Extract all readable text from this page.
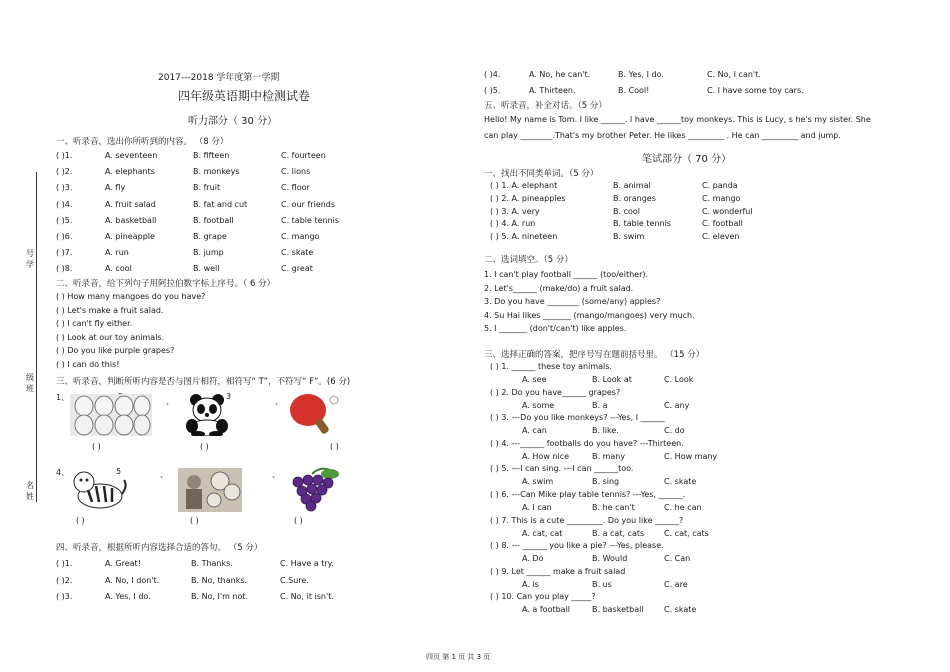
号学
级班
名姓
2017---2018 学年度第一学期
四年级英语期中检测试卷
听力部分（ 30 分）
一、听录音，选出你所听到的内容。 （8 分）
( )1.	A. seventeen	B. fifteen	C. fourteen
( )2.	A. elephants	B. monkeys	C. lions
( )3.	A. fly	B. fruit	C. floor
( )4.	A. fruit salad	B. fat and cut	C. our friends
( )5.	A. basketball	B. football	C. table tennis
( )6.	A. pineapple	B. grape	C. mango
( )7.	A. run	B. jump	C. skate
( )8.	A. cool	B. well	C. great
二、听录音，给下列句子用阿拉伯数字标上序号。（ 6 分）
( ) How many mangoes do you have?
( ) Let's make a fruit salad.
( ) I can't fly either.
( ) Look at our toy animals.
( ) Do you like purple grapes?
( ) I can do this!
三、听录音，判断所听内容是否与图片相符，相符写“ T”，不符写“ F”。(6 分)
1、	、
3
、
( )	( )	( )
4、	5	、	、
( )	( )	( )
四、听录音，根据所听内容选择合适的答句。 （5 分）
( )1.	A. Great!	B. Thanks.	C. Have a try.
( )2.	A. No, I don't.	B. No, thanks.	C.Sure.
( )3.	A. Yes, I do.	B. No, I'm not.	C. No, it isn't.
( )4.	A. No, he can't.	B. Yes, I do.	C. No, I can't.
( )5.	A. Thirteen.	B. Cool!	C. I have some toy cars.
五、听录音，补全对话。（5 分）
Hello! My name is Tom. I like ______. I have ______toy monkeys. This is Lucy, s he's my sister. She
can play ________.That's my brother Peter. He likes _________ . He can _________ and jump.
笔试部分（ 70 分）
一、找出不同类单词。（5 分）
( ) 1. A. elephant	B. animal	C. panda
( ) 2. A. pineapples	B. oranges	C. mango
( ) 3. A. very	B. cool	C. wonderful
( ) 4. A. run	B. table tennis	C. football
( ) 5. A. nineteen	B. swim	C. eleven
二、选词填空。（5 分）
1. I can't play football ______ (too/either).
2. Let's______ (make/do) a fruit salad.
3. Do you have ________ (some/any) apples?
4. Su Hai likes _______ (mango/mangoes) very much.
5. I _______ (don't/can't) like apples.
三、选择正确的答案，把序号写在题前括号里。 （15 分）
( ) 1. ______ these toy animals.
A. see	B. Look at	C. Look
( ) 2. Do you have______ grapes?
A. some	B. a	C. any
( ) 3. ---Do you like monkeys? ---Yes, I ______
A. can	B. like.	C. do
( ) 4. ---______ footballs do you have? ---Thirteen.
A. How nice	B. many	C. How many
( ) 5. ---I can sing. ---I can ______too.
A. swim	B. sing	C. skate
( ) 6. ---Can Mike play table tennis? ---Yes, ______.
A. I can	B. he can't	C. he can
( ) 7. This is a cute _________. Do you like ______?
A. cat, cat	B. a cat, cats C. cat, cats
( ) 8. --- ______ you like a pie? ---Yes, please.
A. Do	B. Would	C. Can
( ) 9. Let ______ make a fruit salad
A. is	B. us	C. are
( ) 10. Can you play _____?
A. a football	B. basketball	C. skate
四页 第 1 页 共 3 页
